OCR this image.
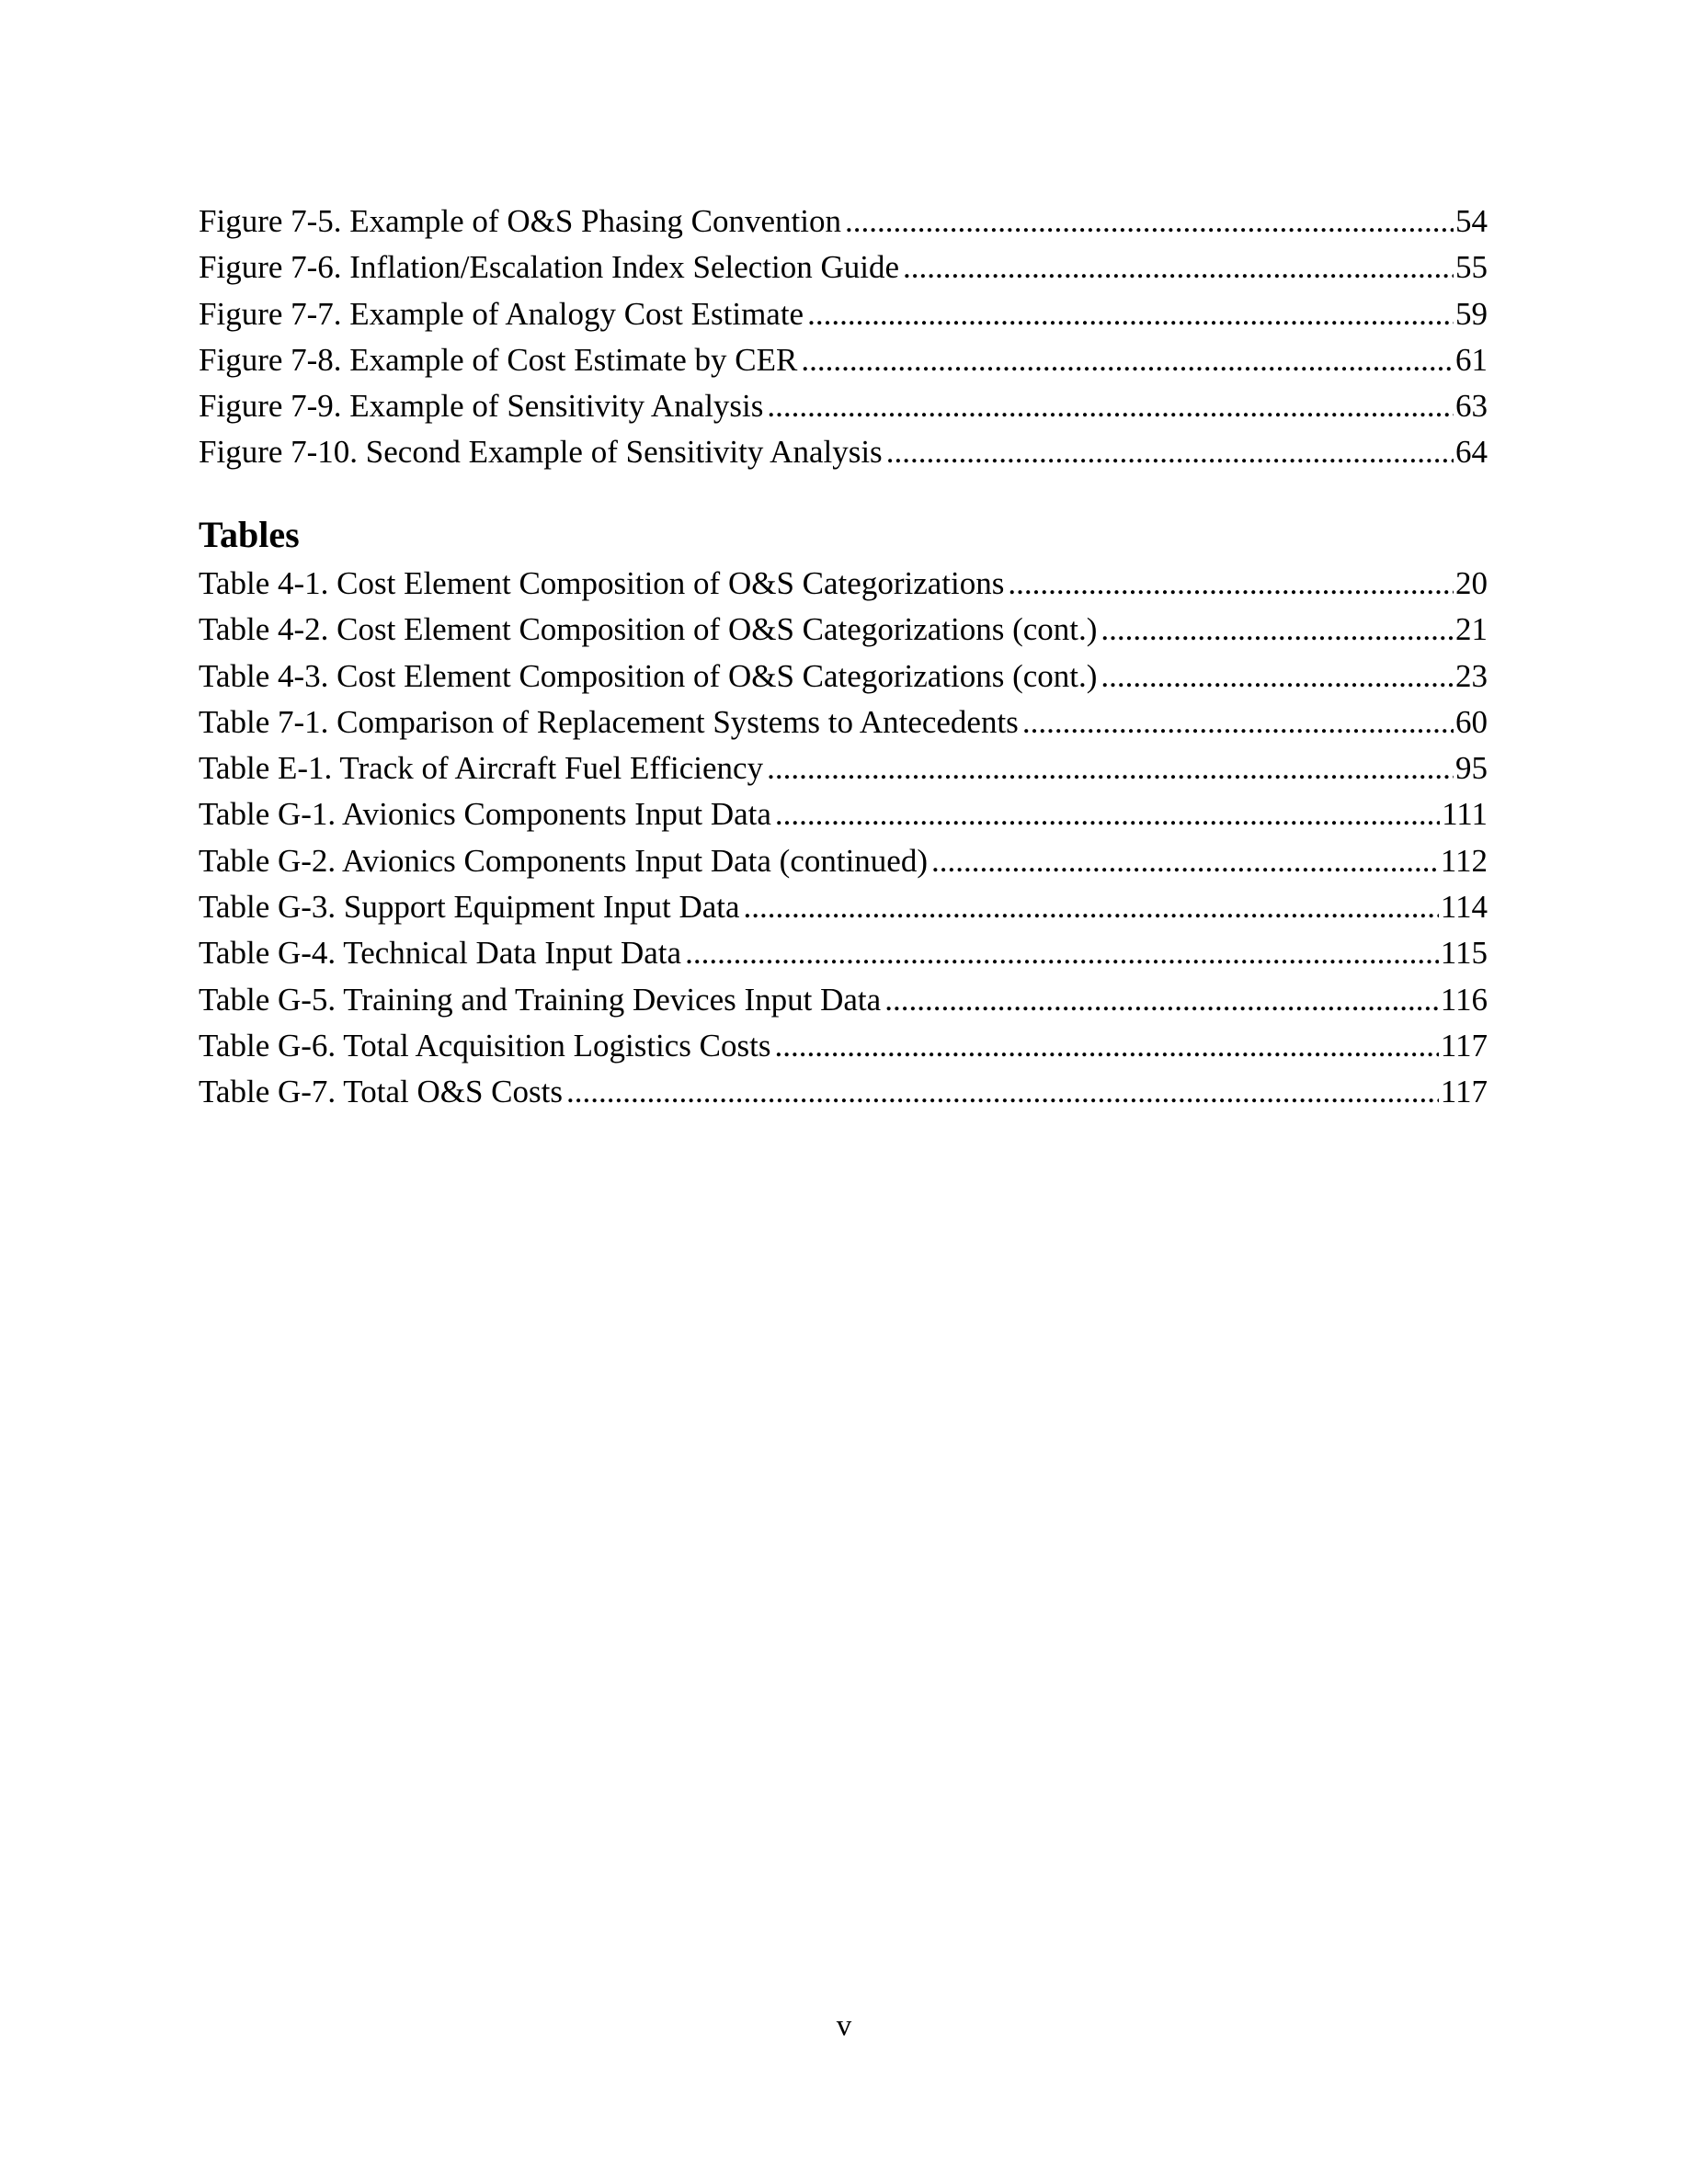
Figure 7-5. Example of O&S Phasing Convention .....	54
Figure 7-6. Inflation/Escalation Index Selection Guide .....	55
Figure 7-7. Example of Analogy Cost Estimate .....	59
Figure 7-8. Example of Cost Estimate by CER .....	61
Figure 7-9. Example of Sensitivity Analysis .....	63
Figure 7-10. Second Example of Sensitivity Analysis .....	64
Tables
Table 4-1. Cost Element Composition of O&S Categorizations .....	20
Table 4-2. Cost Element Composition of O&S Categorizations (cont.) .....	21
Table 4-3. Cost Element Composition of O&S Categorizations (cont.) .....	23
Table 7-1. Comparison of Replacement Systems to Antecedents .....	60
Table E-1. Track of Aircraft Fuel Efficiency .....	95
Table G-1. Avionics Components Input Data .....	111
Table G-2. Avionics Components Input Data (continued) .....	112
Table G-3. Support Equipment Input Data .....	114
Table G-4. Technical Data Input Data .....	115
Table G-5. Training and Training Devices Input Data .....	116
Table G-6. Total Acquisition Logistics Costs .....	117
Table G-7. Total O&S Costs .....	117
v
